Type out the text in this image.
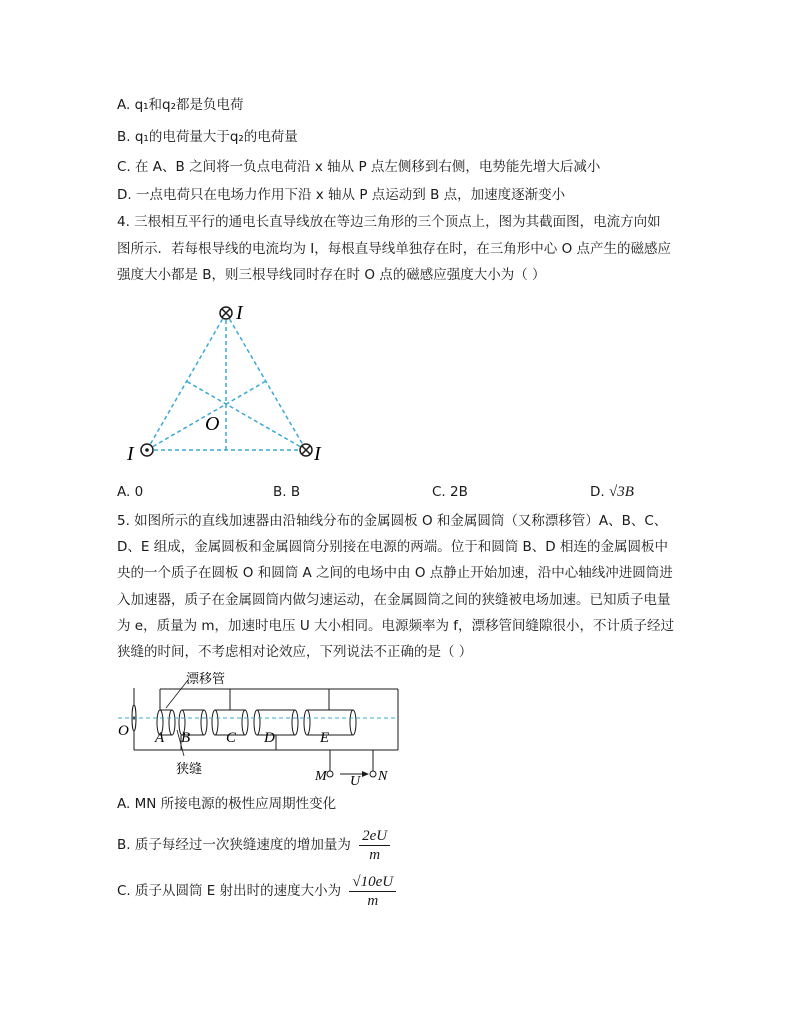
A. q₁和q₂都是负电荷
B. q₁的电荷量大于q₂的电荷量
C. 在 A、B 之间将一负点电荷沿 x 轴从 P 点左侧移到右侧，电势能先增大后减小
D. 一点电荷只在电场力作用下沿 x 轴从 P 点运动到 B 点，加速度逐渐变小
4. 三根相互平行的通电长直导线放在等边三角形的三个顶点上，图为其截面图，电流方向如
图所示．若每根导线的电流均为 I，每根直导线单独存在时，在三角形中心 O 点产生的磁感应
强度大小都是 B，则三根导线同时存在时 O 点的磁感应强度大小为（ ）
I
I	I
O
A. 0	B. B	C. 2B	D. √3B
5. 如图所示的直线加速器由沿轴线分布的金属圆板 O 和金属圆筒（又称漂移管）A、B、C、
D、E 组成，金属圆板和金属圆筒分别接在电源的两端。位于和圆筒 B、D 相连的金属圆板中
央的一个质子在圆板 O 和圆筒 A 之间的电场中由 O 点静止开始加速，沿中心轴线冲进圆筒进
入加速器，质子在金属圆筒内做匀速运动，在金属圆筒之间的狭缝被电场加速。已知质子电量
为 e，质量为 m，加速时电压 U 大小相同。电源频率为 f，漂移管间缝隙很小，不计质子经过
狭缝的时间，不考虑相对论效应，下列说法不正确的是（ ）
漂移管
狭缝
O A B C D	E
M	N
U
A. MN 所接电源的极性应周期性变化
B. 质子每经过一次狭缝速度的增加量为 $\frac{2eU}{m}$
C. 质子从圆筒 E 射出时的速度大小为 $\frac{√10eU}{m}$
